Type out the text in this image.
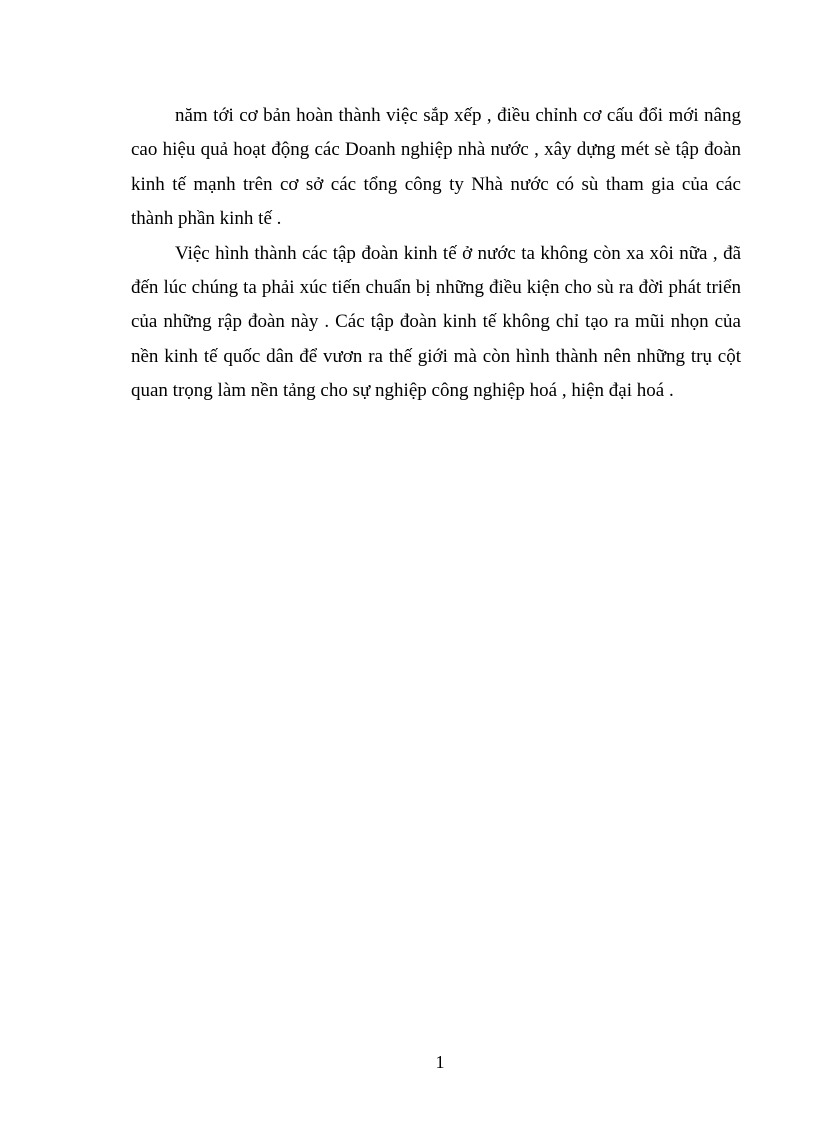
năm tới cơ bản hoàn thành việc sắp xếp , điều chỉnh cơ cấu đổi mới nâng cao hiệu quả hoạt động các Doanh nghiệp nhà nước , xây dựng mét sè tập đoàn kinh tế mạnh trên cơ sở các tổng công ty Nhà nước có sù tham gia của các thành phần kinh tế .

Việc hình thành các tập đoàn kinh tế ở nước ta không còn xa xôi nữa , đã đến lúc chúng ta phải xúc tiến chuẩn bị những điều kiện cho sù ra đời phát triển của những rập đoàn này . Các tập đoàn kinh tế không chỉ tạo ra mũi nhọn của nền kinh tế quốc dân để vươn ra thế giới mà còn hình thành nên những trụ cột quan trọng làm nền tảng cho sự nghiệp công nghiệp hoá , hiện đại hoá .

1
